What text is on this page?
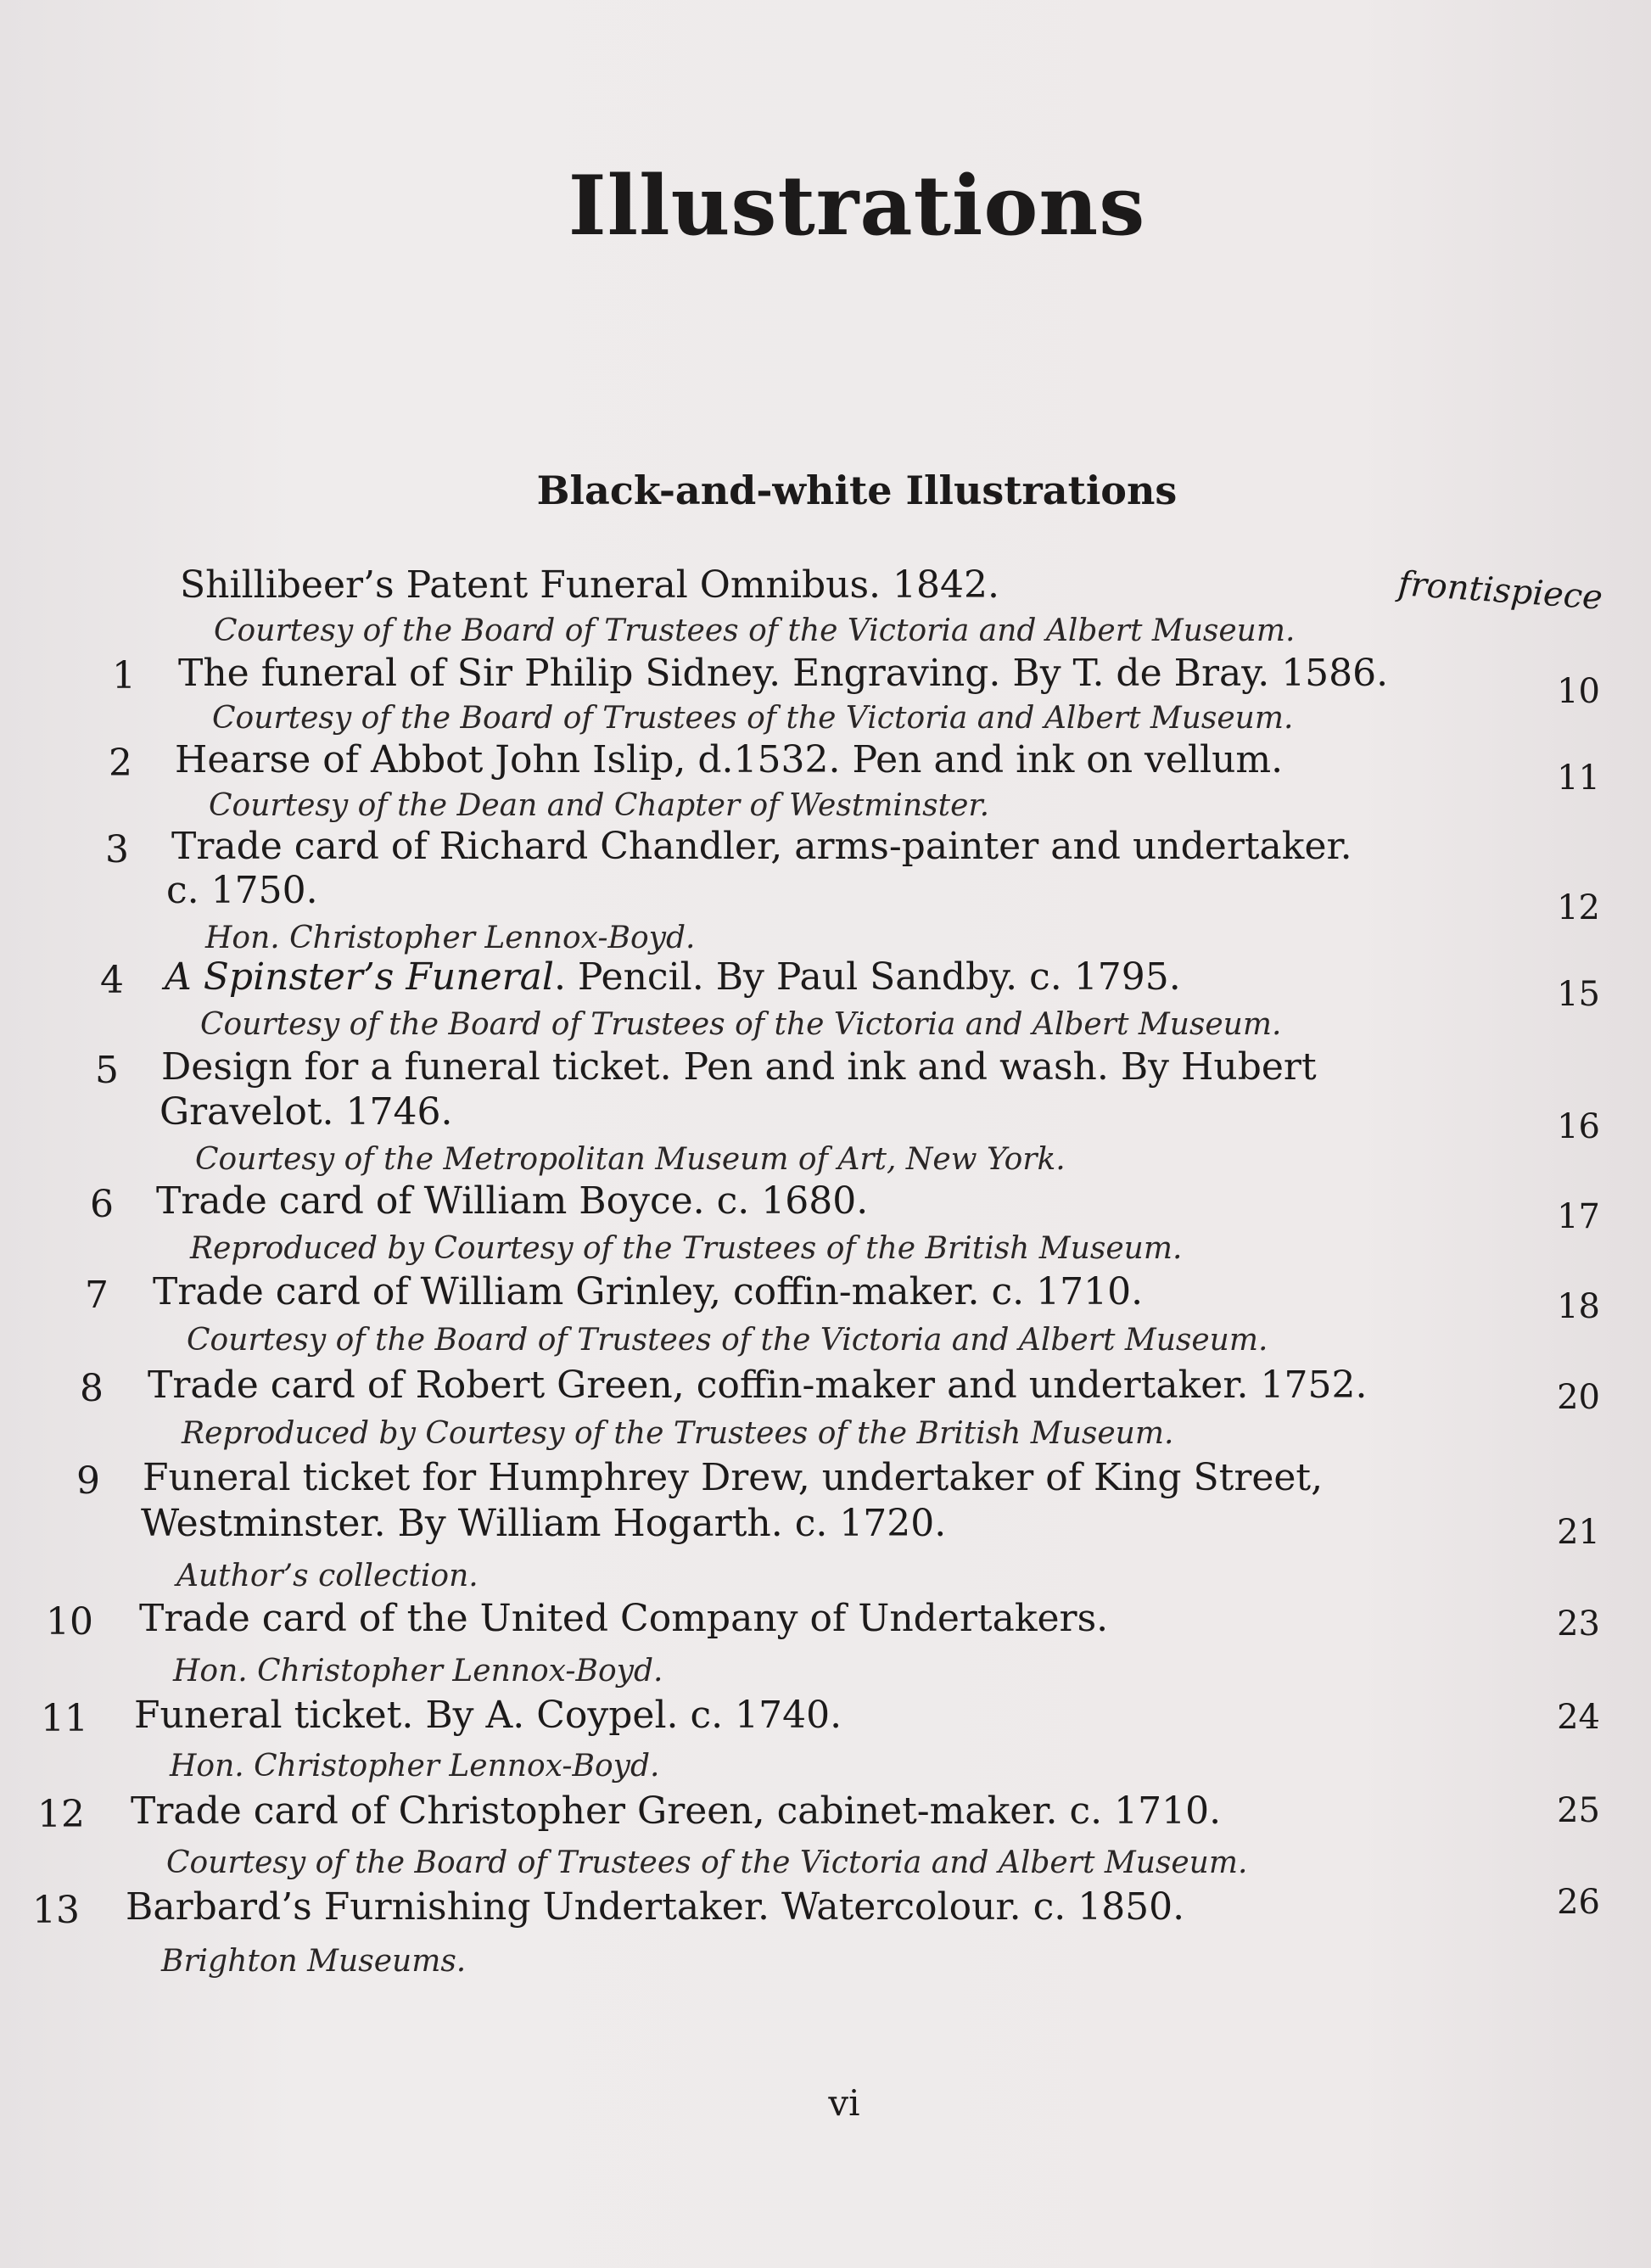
Illustrations
Black-and-white Illustrations
Shillibeer’s Patent Funeral Omnibus. 1842.
Courtesy of the Board of Trustees of the Victoria and Albert Museum.
frontispiece
1 The funeral of Sir Philip Sidney. Engraving. By T. de Bray. 1586.
Courtesy of the Board of Trustees of the Victoria and Albert Museum.
10
2 Hearse of Abbot John Islip, d.1532. Pen and ink on vellum.
Courtesy of the Dean and Chapter of Westminster.
11
3 Trade card of Richard Chandler, arms-painter and undertaker.
c. 1750.
Hon. Christopher Lennox-Boyd.
12
4 A Spinster’s Funeral. Pencil. By Paul Sandby. c. 1795.
Courtesy of the Board of Trustees of the Victoria and Albert Museum.
15
5 Design for a funeral ticket. Pen and ink and wash. By Hubert
Gravelot. 1746.
Courtesy of the Metropolitan Museum of Art, New York.
16
6 Trade card of William Boyce. c. 1680.
Reproduced by Courtesy of the Trustees of the British Museum.
17
7 Trade card of William Grinley, coffin-maker. c. 1710.
Courtesy of the Board of Trustees of the Victoria and Albert Museum.
18
8 Trade card of Robert Green, coffin-maker and undertaker. 1752.
Reproduced by Courtesy of the Trustees of the British Museum.
20
9 Funeral ticket for Humphrey Drew, undertaker of King Street,
Westminster. By William Hogarth. c. 1720.
Author’s collection.
21
10 Trade card of the United Company of Undertakers.
Hon. Christopher Lennox-Boyd.
23
11 Funeral ticket. By A. Coypel. c. 1740.
Hon. Christopher Lennox-Boyd.
24
12 Trade card of Christopher Green, cabinet-maker. c. 1710.
Courtesy of the Board of Trustees of the Victoria and Albert Museum.
25
13 Barbard’s Furnishing Undertaker. Watercolour. c. 1850.
Brighton Museums.
26
vi
